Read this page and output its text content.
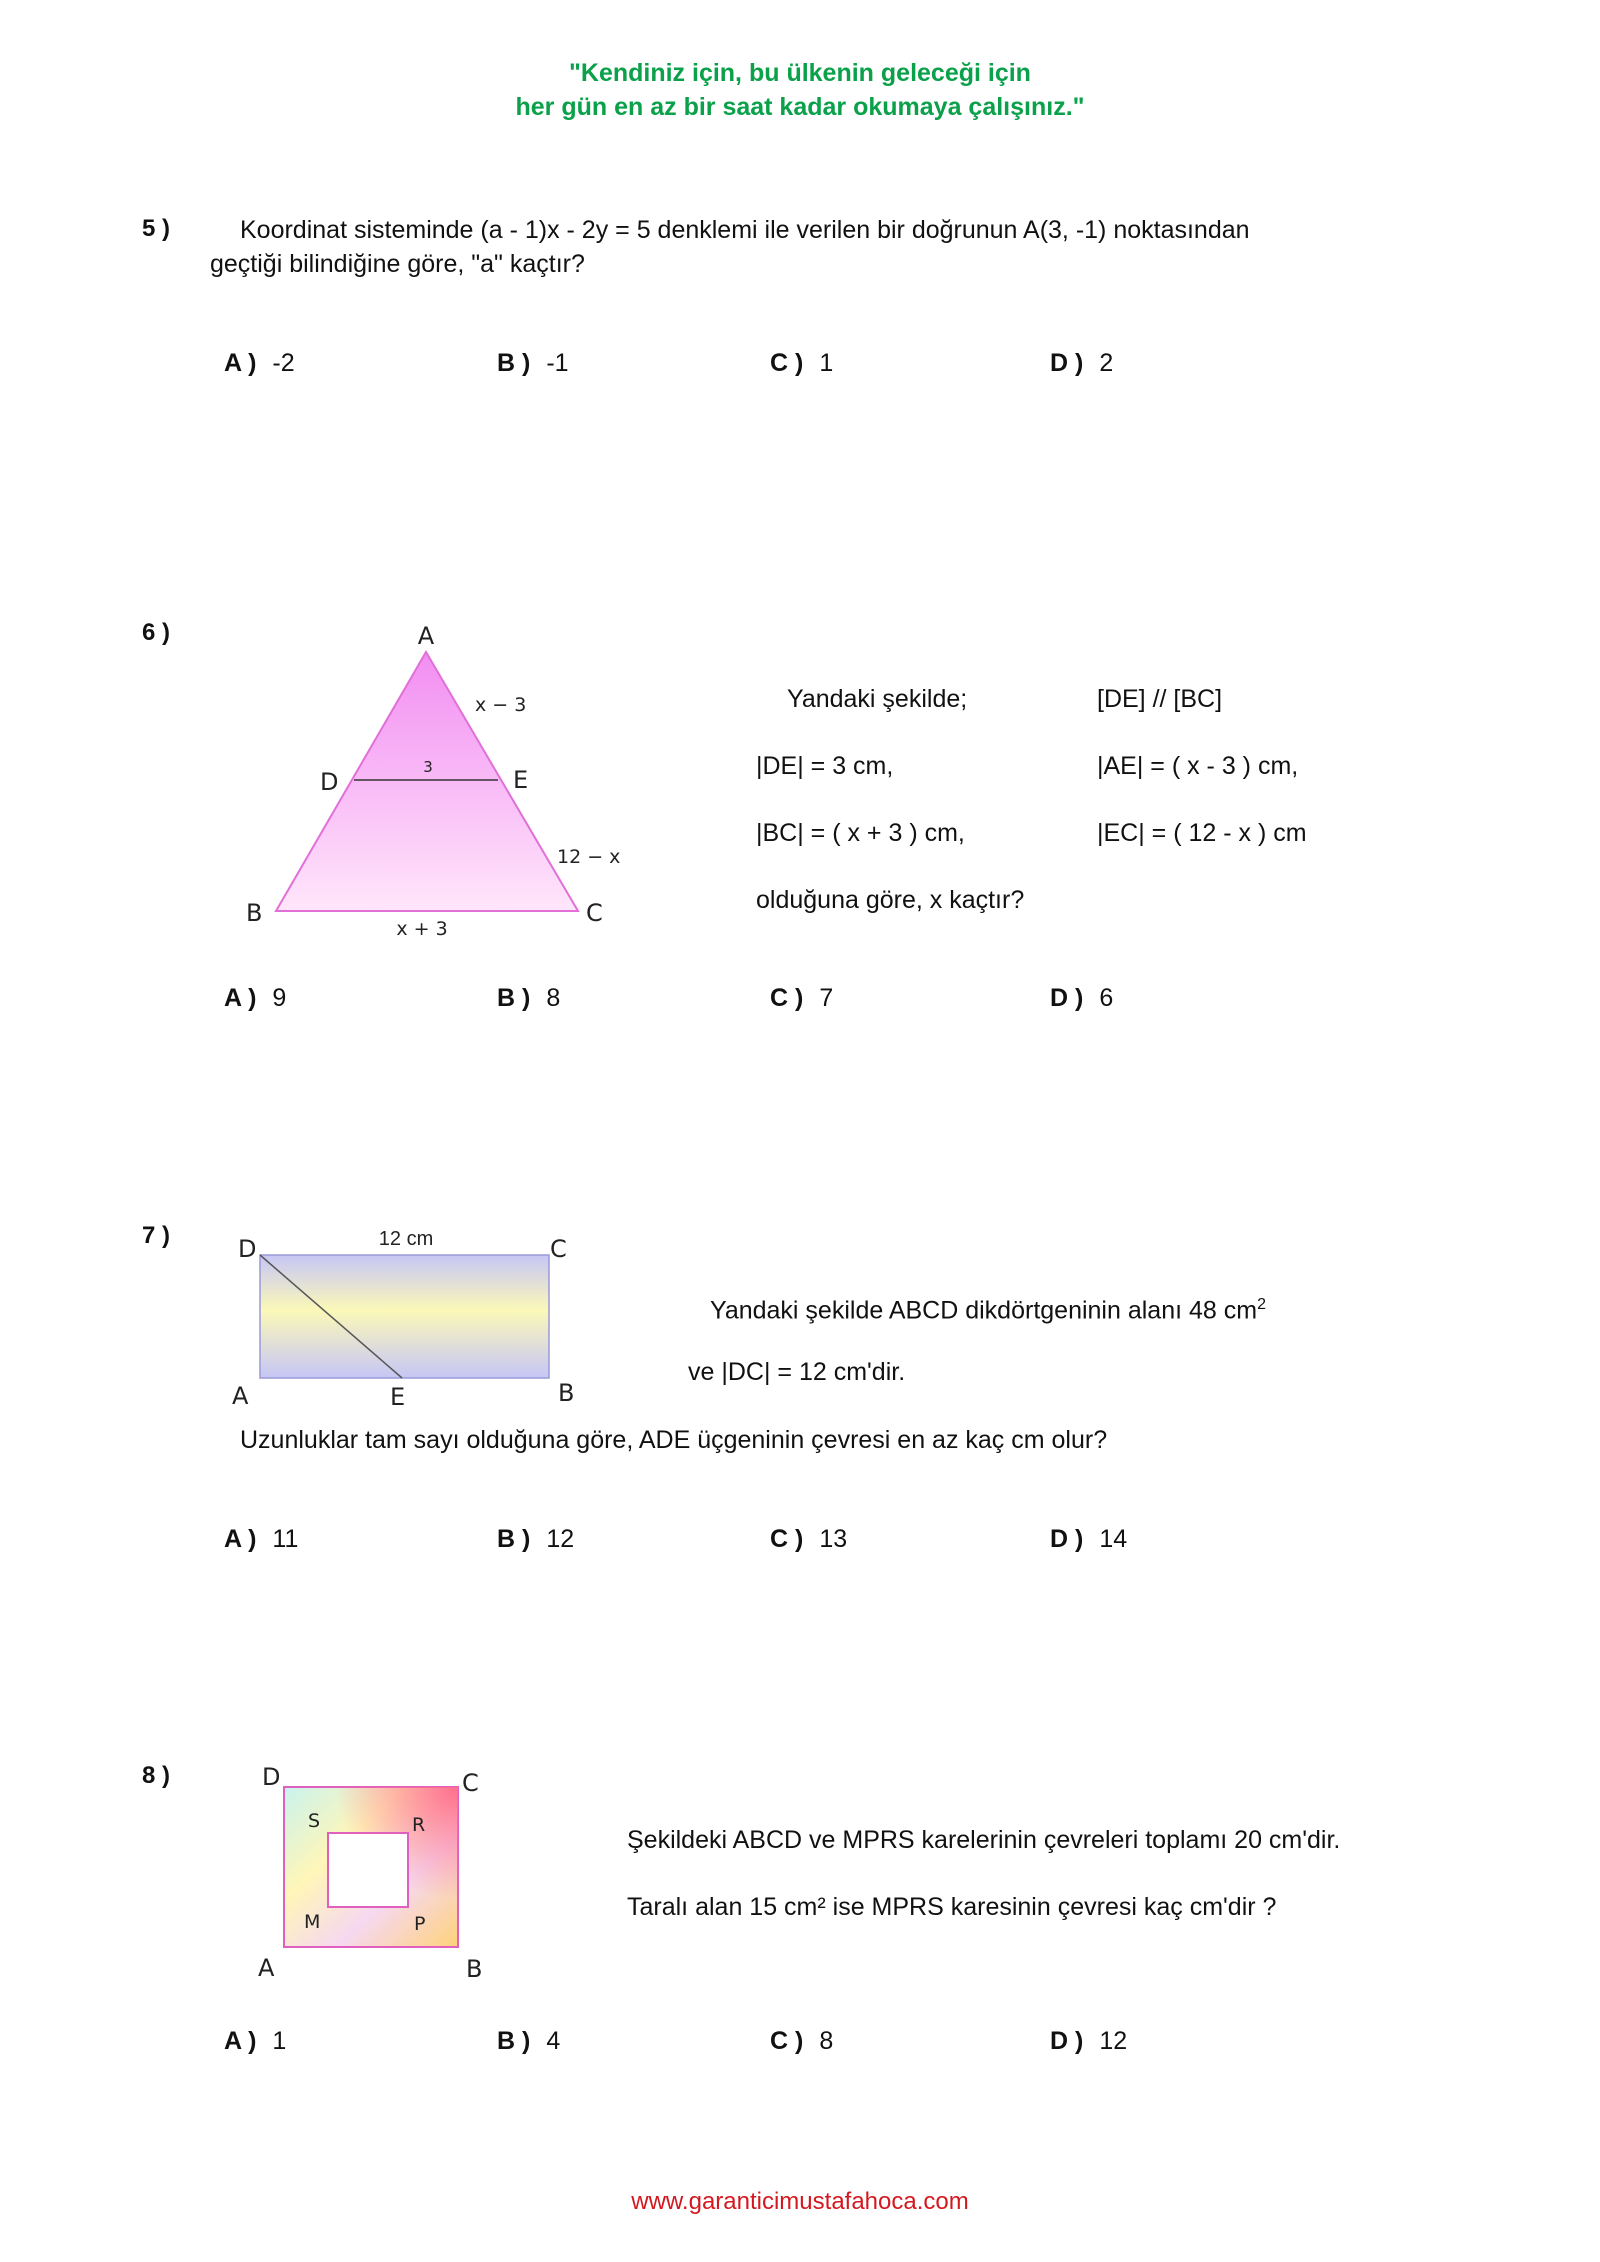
"Kendiniz için, bu ülkenin geleceği için
her gün en az bir saat kadar okumaya çalışınız."
5 )	Koordinat sisteminde (a - 1)x - 2y = 5 denklemi ile verilen bir doğrunun A(3, -1) noktasından
geçtiği bilindiğine göre, "a" kaçtır?
A ) -2	B ) -1	C ) 1	D ) 2
6 )	A
D	E
B	C
x − 3
3
12 − x
x + 3
Yandaki şekilde;	[DE] // [BC]
|DE| = 3 cm,	|AE| = ( x - 3 ) cm,
|BC| = ( x + 3 ) cm,	|EC| = ( 12 - x ) cm
olduğuna göre, x kaçtır?
A ) 9	B ) 8	C ) 7	D ) 6
7 )	D	C
A	E	B
12 cm
Yandaki şekilde ABCD dikdörtgeninin alanı 48 $cm^2$
ve |DC| = 12 cm'dir.
Uzunluklar tam sayı olduğuna göre, ADE üçgeninin çevresi en az kaç cm olur?
A ) 11	B ) 12	C ) 13	D ) 14
8 )	D	C
A	B
S	R
M	P
Şekildeki ABCD ve MPRS karelerinin çevreleri toplamı 20 cm'dir.
Taralı alan 15 cm² ise MPRS karesinin çevresi kaç cm'dir ?
A ) 1	B ) 4	C ) 8	D ) 12
www.garanticimustafahoca.com
